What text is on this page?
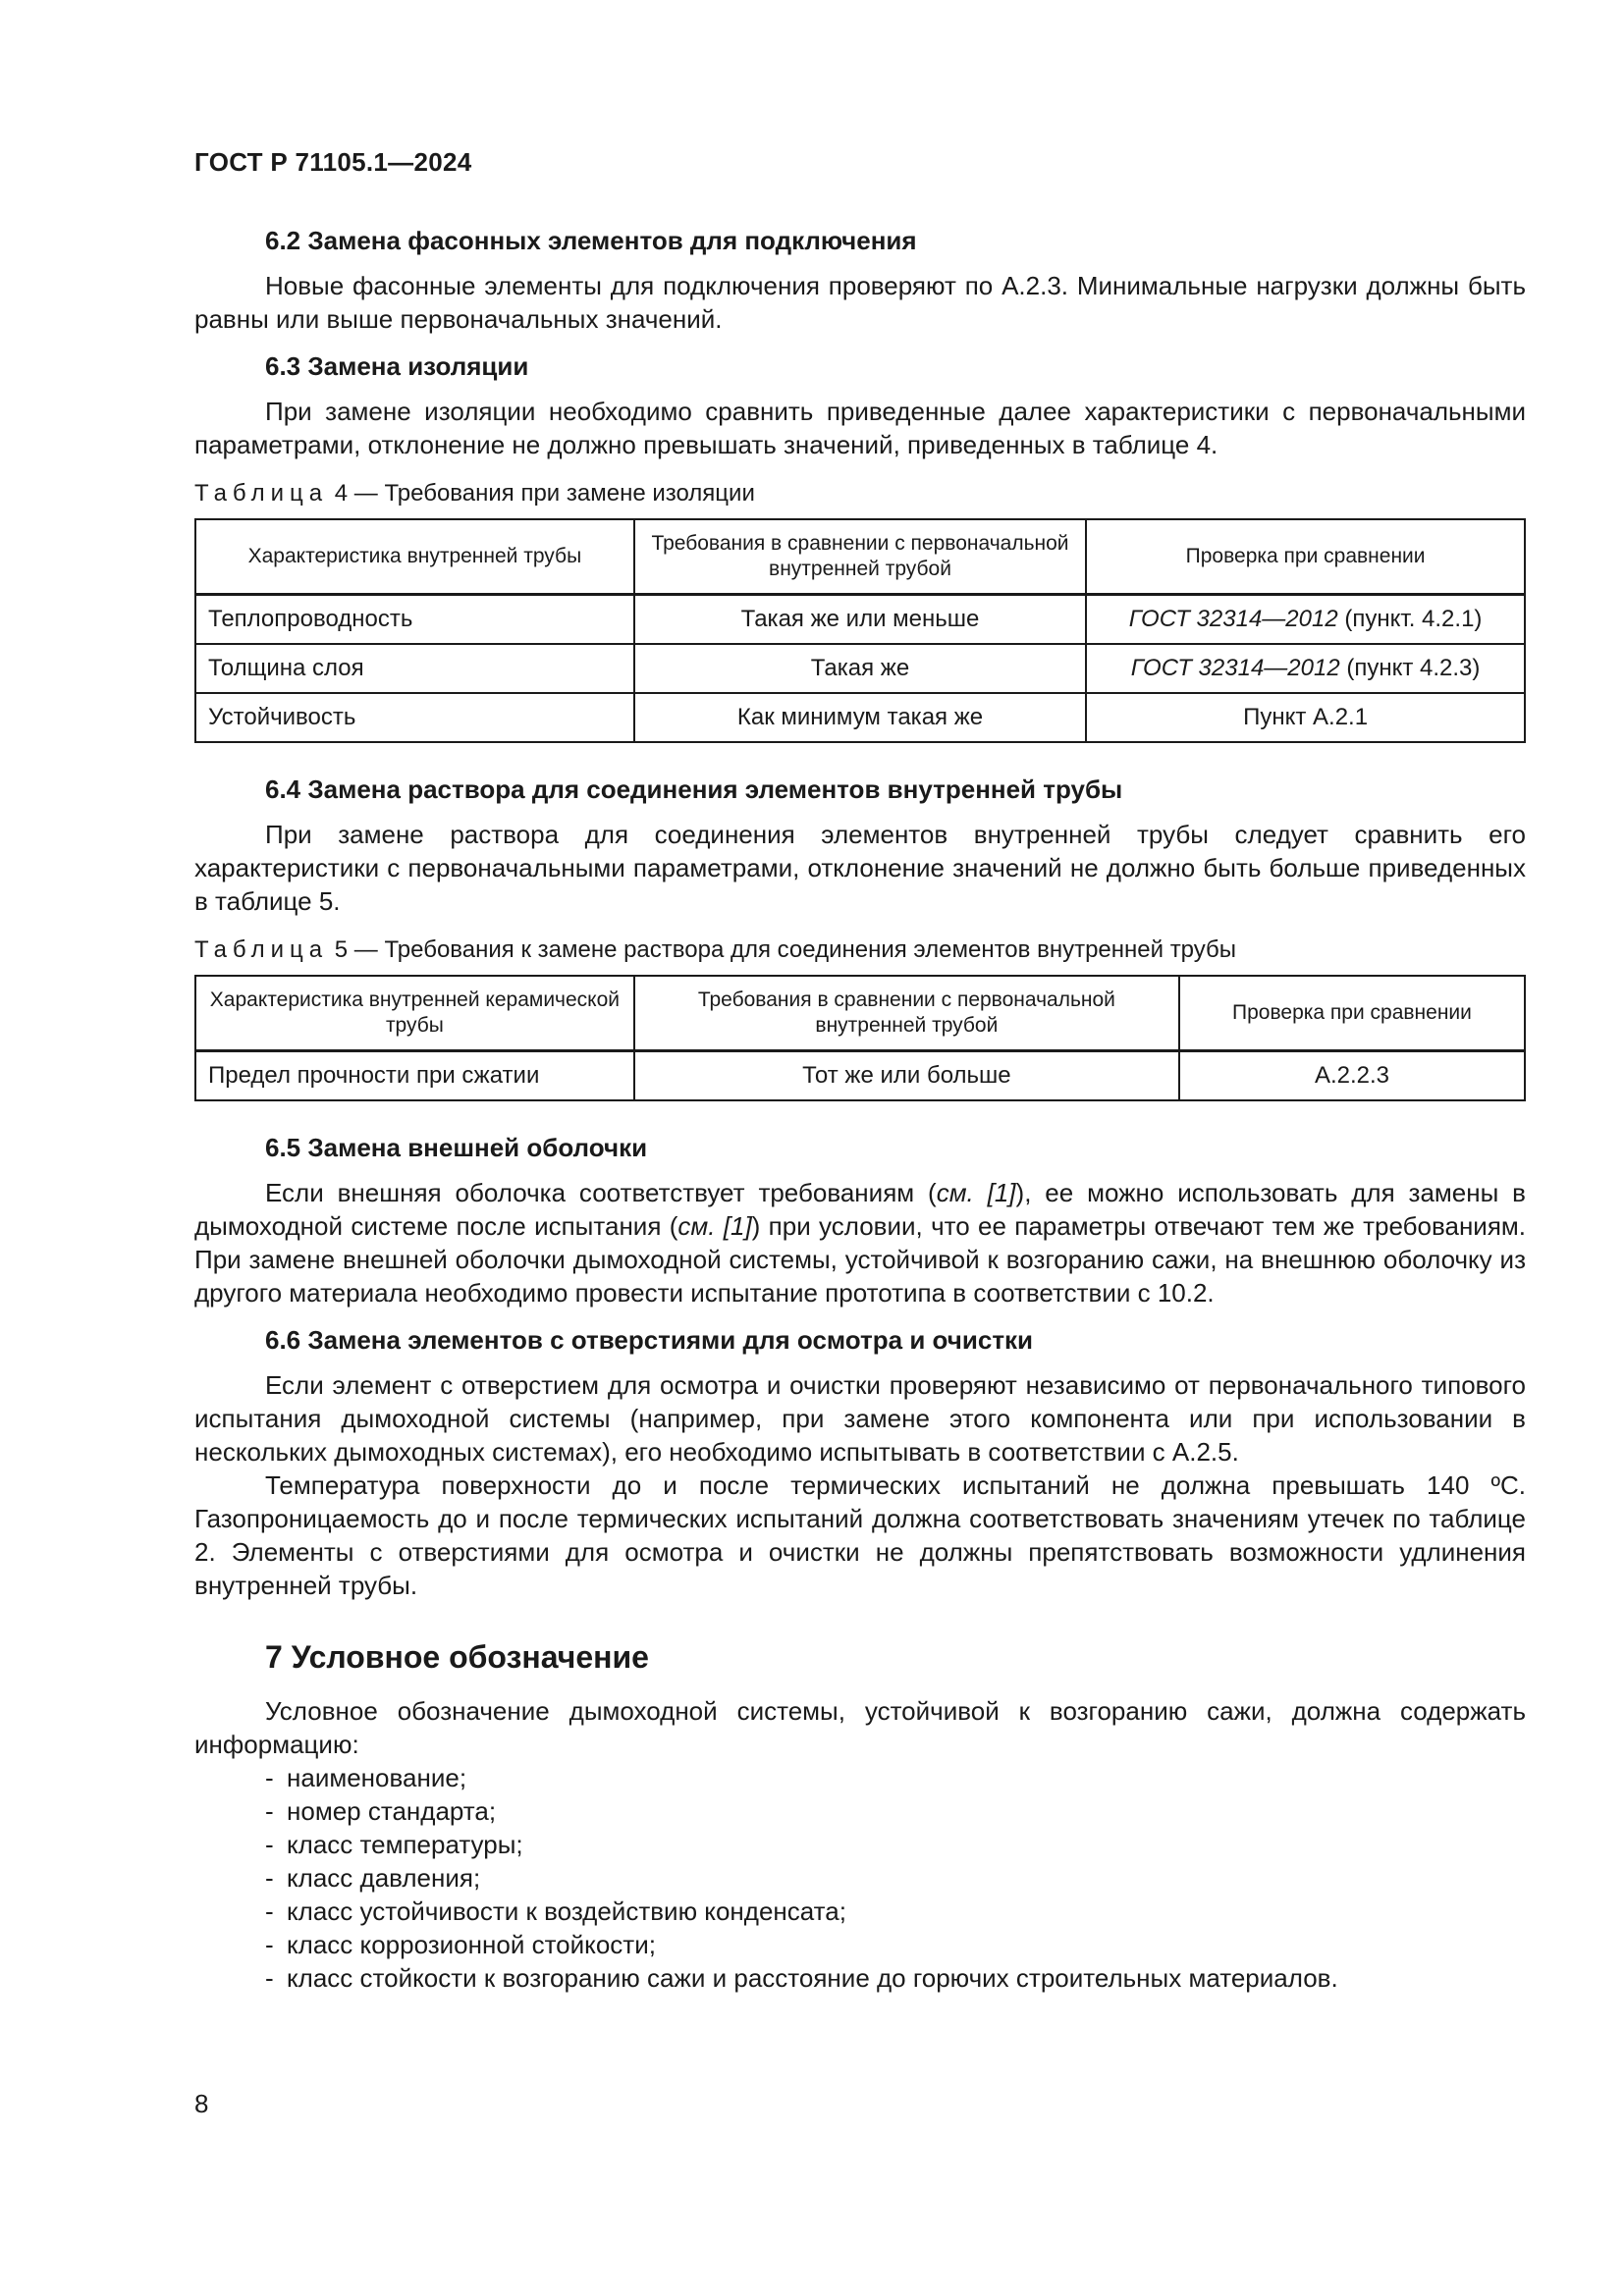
ГОСТ Р 71105.1—2024
6.2 Замена фасонных элементов для подключения

Новые фасонные элементы для подключения проверяют по А.2.3. Минимальные нагрузки должны быть равны или выше первоначальных значений.

6.3 Замена изоляции

При замене изоляции необходимо сравнить приведенные далее характеристики с первоначальными параметрами, отклонение не должно превышать значений, приведенных в таблице 4.

Таблица 4 — Требования при замене изоляции
Характеристика внутренней трубы	Требования в сравнении с первоначальной внутренней трубой	Проверка при сравнении
Теплопроводность	Такая же или меньше	ГОСТ 32314—2012 (пункт. 4.2.1)
Толщина слоя	Такая же	ГОСТ 32314—2012 (пункт 4.2.3)
Устойчивость	Как минимум такая же	Пункт А.2.1
6.4 Замена раствора для соединения элементов внутренней трубы

При замене раствора для соединения элементов внутренней трубы следует сравнить его характеристики с первоначальными параметрами, отклонение значений не должно быть больше приведенных в таблице 5.

Таблица 5 — Требования к замене раствора для соединения элементов внутренней трубы
Характеристика внутренней керамической трубы	Требования в сравнении с первоначальной внутренней трубой	Проверка при сравнении
Предел прочности при сжатии	Тот же или больше	А.2.2.3
6.5 Замена внешней оболочки

Если внешняя оболочка соответствует требованиям (см. [1]), ее можно использовать для замены в дымоходной системе после испытания (см. [1]) при условии, что ее параметры отвечают тем же требованиям. При замене внешней оболочки дымоходной системы, устойчивой к возгоранию сажи, на внешнюю оболочку из другого материала необходимо провести испытание прототипа в соответствии с 10.2.

6.6 Замена элементов с отверстиями для осмотра и очистки

Если элемент с отверстием для осмотра и очистки проверяют независимо от первоначального типового испытания дымоходной системы (например, при замене этого компонента или при использовании в нескольких дымоходных системах), его необходимо испытывать в соответствии с А.2.5.

Температура поверхности до и после термических испытаний не должна превышать 140 ºС. Газопроницаемость до и после термических испытаний должна соответствовать значениям утечек по таблице 2. Элементы с отверстиями для осмотра и очистки не должны препятствовать возможности удлинения внутренней трубы.

7 Условное обозначение

Условное обозначение дымоходной системы, устойчивой к возгоранию сажи, должна содержать информацию:

- наименование;
- номер стандарта;
- класс температуры;
- класс давления;
- класс устойчивости к воздействию конденсата;
- класс коррозионной стойкости;
- класс стойкости к возгоранию сажи и расстояние до горючих строительных материалов.
8
